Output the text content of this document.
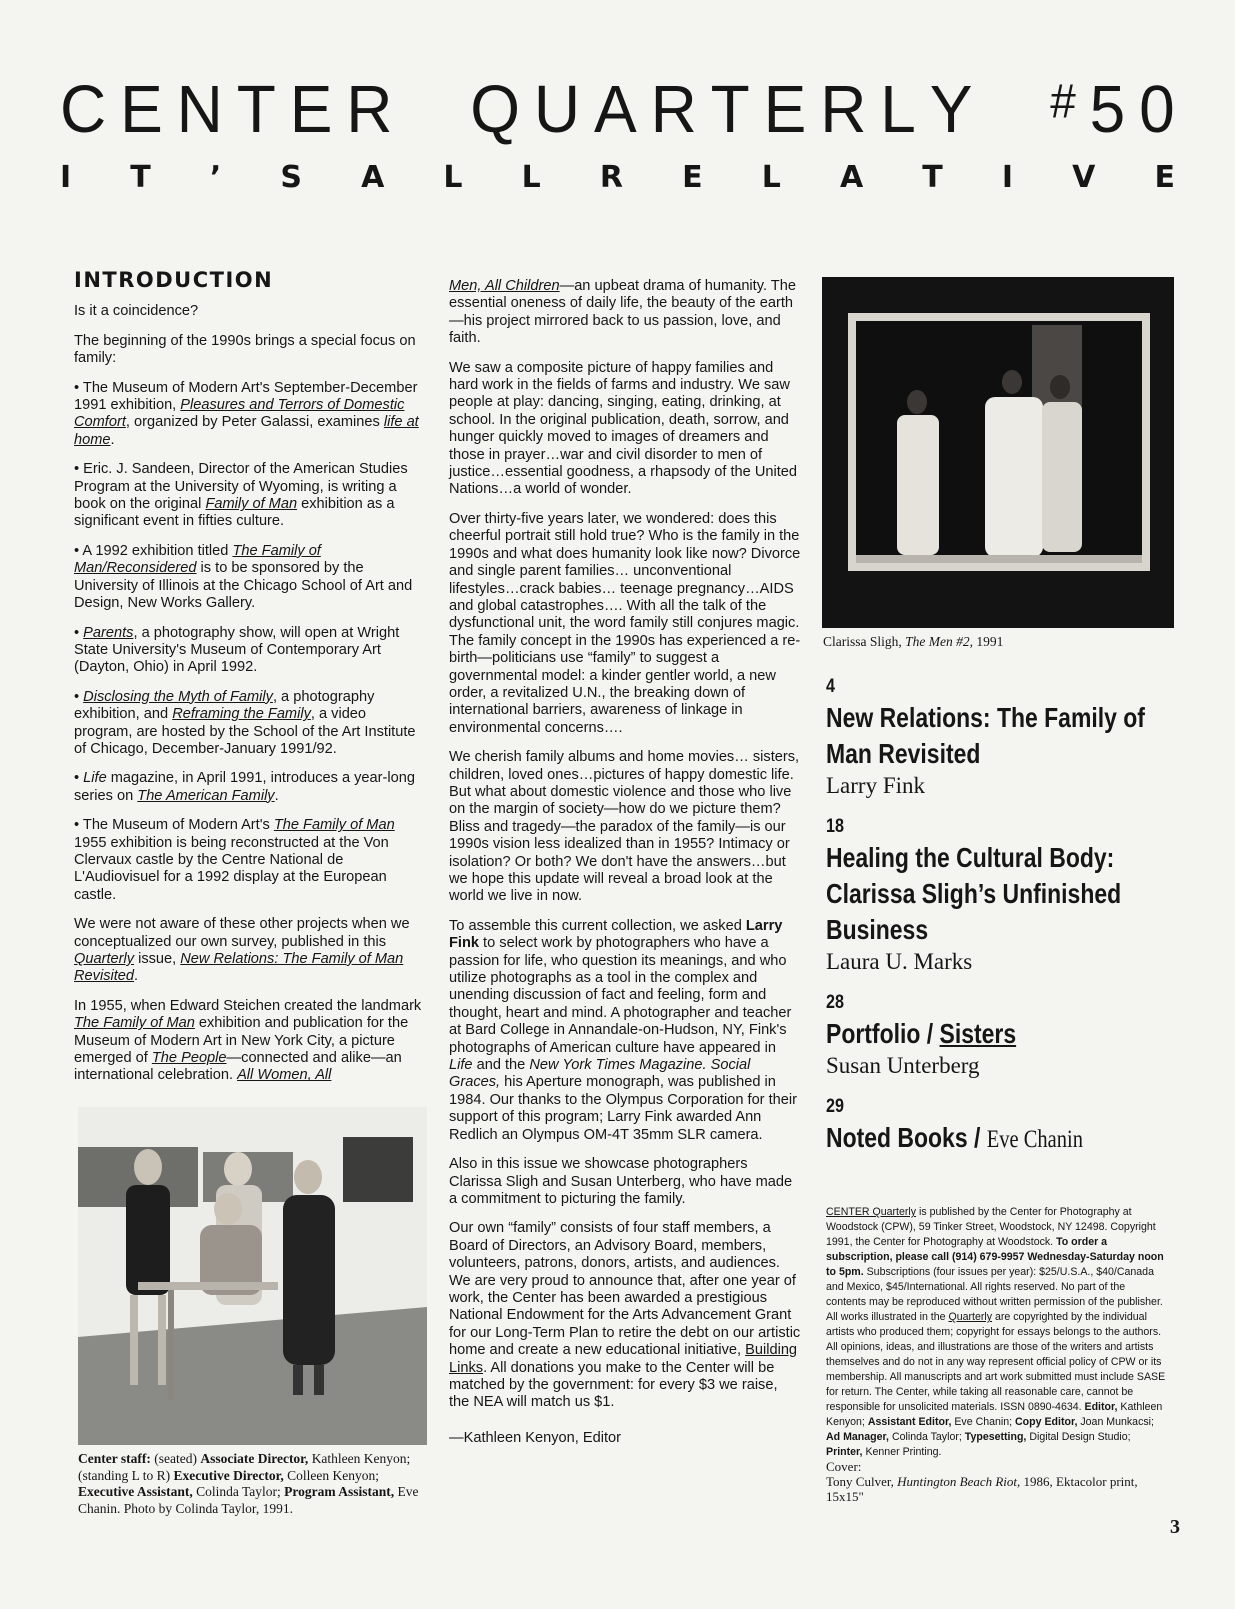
C E N T E R Q U A R T E R L Y # 5 0
I T ’ S A L L R E L A T I V E
INTRODUCTION

Is it a coincidence?

The beginning of the 1990s brings a special focus on family:

• The Museum of Modern Art's September-December 1991 exhibition, Pleasures and Terrors of Domestic Comfort, organized by Peter Galassi, examines life at home.

• Eric. J. Sandeen, Director of the American Studies Program at the University of Wyoming, is writing a book on the original Family of Man exhibition as a significant event in fifties culture.

• A 1992 exhibition titled The Family of Man/Reconsidered is to be sponsored by the University of Illinois at the Chicago School of Art and Design, New Works Gallery.

• Parents, a photography show, will open at Wright State University's Museum of Contemporary Art (Dayton, Ohio) in April 1992.

• Disclosing the Myth of Family, a photography exhibition, and Reframing the Family, a video program, are hosted by the School of the Art Institute of Chicago, December-January 1991/92.

• Life magazine, in April 1991, introduces a year-long series on The American Family.

• The Museum of Modern Art's The Family of Man 1955 exhibition is being reconstructed at the Von Clervaux castle by the Centre National de L'Audiovisuel for a 1992 display at the European castle.

We were not aware of these other projects when we conceptualized our own survey, published in this Quarterly issue, New Relations: The Family of Man Revisited.

In 1955, when Edward Steichen created the landmark The Family of Man exhibition and publication for the Museum of Modern Art in New York City, a picture emerged of The People—connected and alike—an international celebration. All Women, All

Center staff: (seated) Associate Director, Kathleen Kenyon; (standing L to R) Executive Director, Colleen Kenyon; Executive Assistant, Colinda Taylor; Program Assistant, Eve Chanin. Photo by Colinda Taylor, 1991.

Men, All Children—an upbeat drama of humanity. The essential oneness of daily life, the beauty of the earth—his project mirrored back to us passion, love, and faith.

We saw a composite picture of happy families and hard work in the fields of farms and industry. We saw people at play: dancing, singing, eating, drinking, at school. In the original publication, death, sorrow, and hunger quickly moved to images of dreamers and those in prayer…war and civil disorder to men of justice…essential goodness, a rhapsody of the United Nations…a world of wonder.

Over thirty-five years later, we wondered: does this cheerful portrait still hold true? Who is the family in the 1990s and what does humanity look like now? Divorce and single parent families… unconventional lifestyles…crack babies… teenage pregnancy…AIDS and global catastrophes…. With all the talk of the dysfunctional unit, the word family still conjures magic. The family concept in the 1990s has experienced a re-birth—politicians use “family” to suggest a governmental model: a kinder gentler world, a new order, a revitalized U.N., the breaking down of international barriers, awareness of linkage in environmental concerns….

We cherish family albums and home movies… sisters, children, loved ones…pictures of happy domestic life. But what about domestic violence and those who live on the margin of society—how do we picture them? Bliss and tragedy—the paradox of the family—is our 1990s vision less idealized than in 1955? Intimacy or isolation? Or both? We don't have the answers…but we hope this update will reveal a broad look at the world we live in now.

To assemble this current collection, we asked Larry Fink to select work by photographers who have a passion for life, who question its meanings, and who utilize photographs as a tool in the complex and unending discussion of fact and feeling, form and thought, heart and mind. A photographer and teacher at Bard College in Annandale-on-Hudson, NY, Fink's photographs of American culture have appeared in Life and the New York Times Magazine. Social Graces, his Aperture monograph, was published in 1984. Our thanks to the Olympus Corporation for their support of this program; Larry Fink awarded Ann Redlich an Olympus OM-4T 35mm SLR camera.

Also in this issue we showcase photographers Clarissa Sligh and Susan Unterberg, who have made a commitment to picturing the family.

Our own “family” consists of four staff members, a Board of Directors, an Advisory Board, members, volunteers, patrons, donors, artists, and audiences. We are very proud to announce that, after one year of work, the Center has been awarded a prestigious National Endowment for the Arts Advancement Grant for our Long-Term Plan to retire the debt on our artistic home and create a new educational initiative, Building Links. All donations you make to the Center will be matched by the government: for every $3 we raise, the NEA will match us $1.

—Kathleen Kenyon, Editor

Clarissa Sligh, The Men #2, 1991

4

New Relations: The Family of Man Revisited

Larry Fink

18

Healing the Cultural Body: Clarissa Sligh’s Unfinished Business

Laura U. Marks

28

Portfolio / Sisters

Susan Unterberg

29

Noted Books / Eve Chanin

CENTER Quarterly is published by the Center for Photography at Woodstock (CPW), 59 Tinker Street, Woodstock, NY 12498. Copyright 1991, the Center for Photography at Woodstock. To order a subscription, please call (914) 679-9957 Wednesday-Saturday noon to 5pm. Subscriptions (four issues per year): $25/U.S.A., $40/Canada and Mexico, $45/International. All rights reserved. No part of the contents may be reproduced without written permission of the publisher. All works illustrated in the Quarterly are copyrighted by the individual artists who produced them; copyright for essays belongs to the authors. All opinions, ideas, and illustrations are those of the writers and artists themselves and do not in any way represent official policy of CPW or its membership. All manuscripts and art work submitted must include SASE for return. The Center, while taking all reasonable care, cannot be responsible for unsolicited materials. ISSN 0890-4634. Editor, Kathleen Kenyon; Assistant Editor, Eve Chanin; Copy Editor, Joan Munkacsi; Ad Manager, Colinda Taylor; Typesetting, Digital Design Studio; Printer, Kenner Printing.
Cover:
Tony Culver, Huntington Beach Riot, 1986, Ektacolor print, 15x15"
3
